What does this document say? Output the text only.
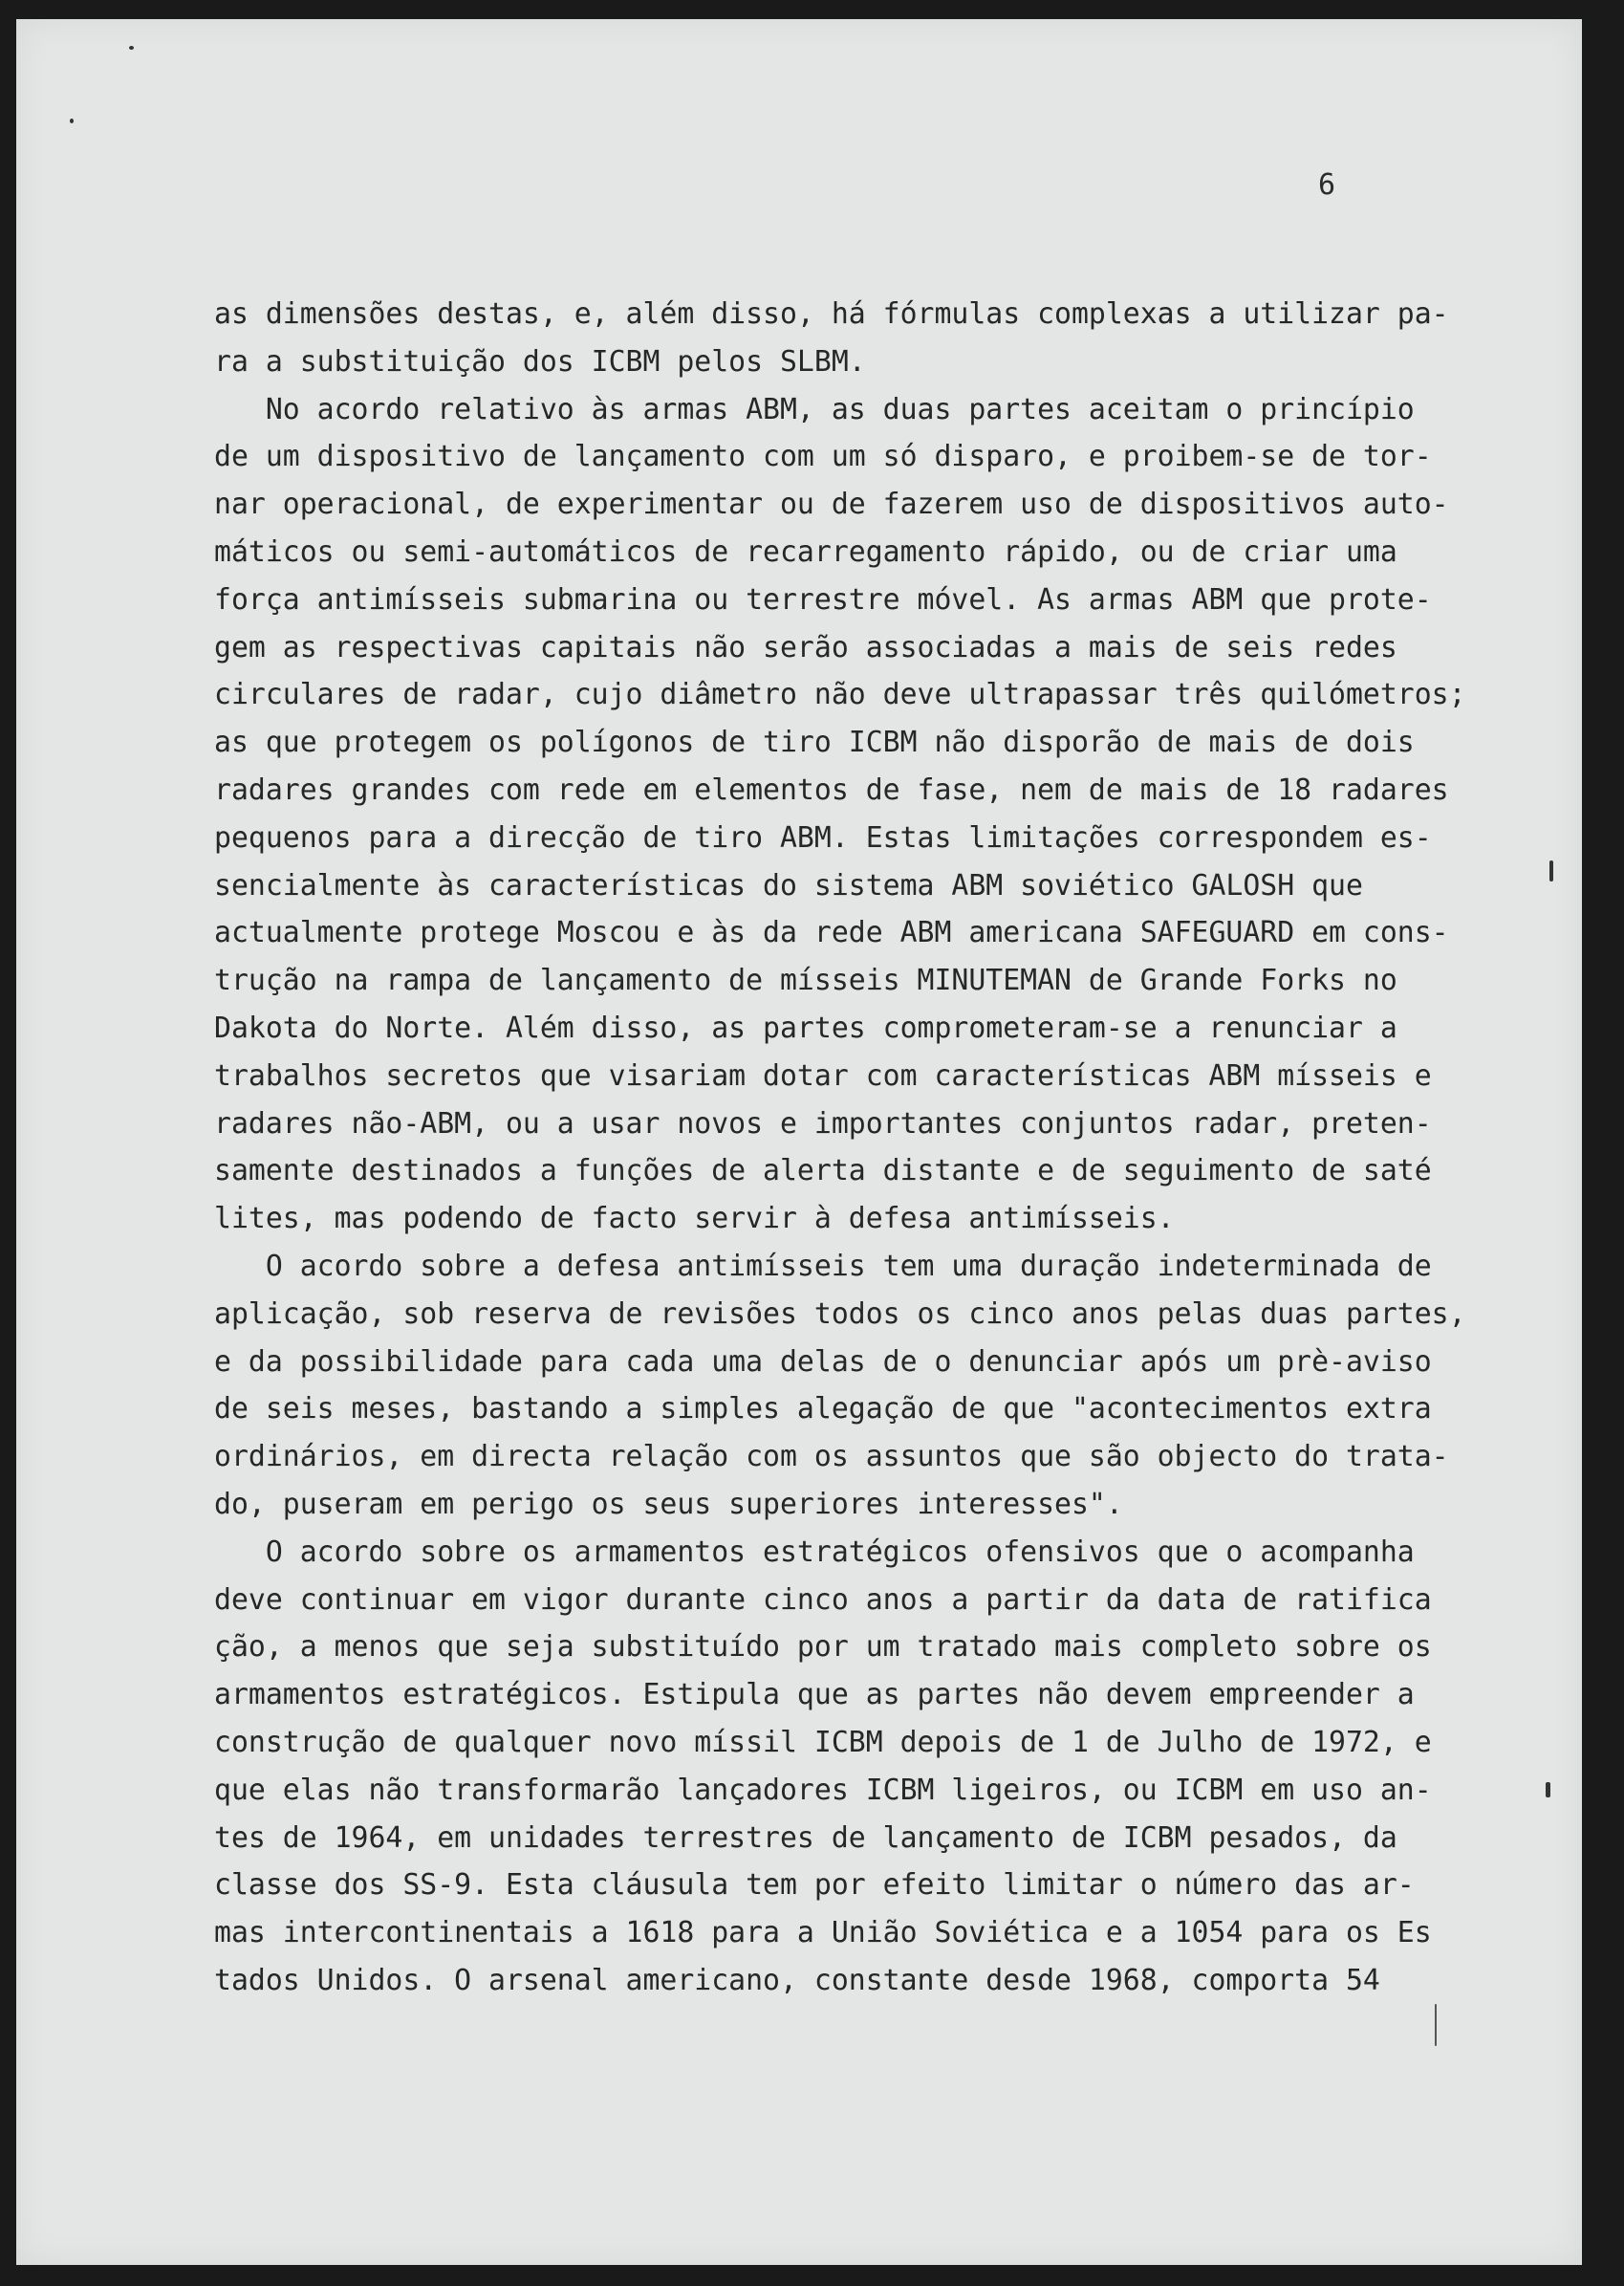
6
as dimensões destas, e, além disso, há fórmulas complexas a utilizar pa-
ra a substituição dos ICBM pelos SLBM.
No acordo relativo às armas ABM, as duas partes aceitam o princípio
de um dispositivo de lançamento com um só disparo, e proibem-se de tor-
nar operacional, de experimentar ou de fazerem uso de dispositivos auto-
máticos ou semi-automáticos de recarregamento rápido, ou de criar uma
força antimísseis submarina ou terrestre móvel. As armas ABM que prote-
gem as respectivas capitais não serão associadas a mais de seis redes
circulares de radar, cujo diâmetro não deve ultrapassar três quilómetros;
as que protegem os polígonos de tiro ICBM não disporão de mais de dois
radares grandes com rede em elementos de fase, nem de mais de 18 radares
pequenos para a direcção de tiro ABM. Estas limitações correspondem es-
sencialmente às características do sistema ABM soviético GALOSH que
actualmente protege Moscou e às da rede ABM americana SAFEGUARD em cons-
trução na rampa de lançamento de mísseis MINUTEMAN de Grande Forks no
Dakota do Norte. Além disso, as partes comprometeram-se a renunciar a
trabalhos secretos que visariam dotar com características ABM mísseis e
radares não-ABM, ou a usar novos e importantes conjuntos radar, preten-
samente destinados a funções de alerta distante e de seguimento de saté
lites, mas podendo de facto servir à defesa antimísseis.
O acordo sobre a defesa antimísseis tem uma duração indeterminada de
aplicação, sob reserva de revisões todos os cinco anos pelas duas partes,
e da possibilidade para cada uma delas de o denunciar após um prè-aviso
de seis meses, bastando a simples alegação de que "acontecimentos extra
ordinários, em directa relação com os assuntos que são objecto do trata-
do, puseram em perigo os seus superiores interesses".
O acordo sobre os armamentos estratégicos ofensivos que o acompanha
deve continuar em vigor durante cinco anos a partir da data de ratifica
ção, a menos que seja substituído por um tratado mais completo sobre os
armamentos estratégicos. Estipula que as partes não devem empreender a
construção de qualquer novo míssil ICBM depois de 1 de Julho de 1972, e
que elas não transformarão lançadores ICBM ligeiros, ou ICBM em uso an-
tes de 1964, em unidades terrestres de lançamento de ICBM pesados, da
classe dos SS-9. Esta cláusula tem por efeito limitar o número das ar-
mas intercontinentais a 1618 para a União Soviética e a 1054 para os Es
tados Unidos. O arsenal americano, constante desde 1968, comporta 54
